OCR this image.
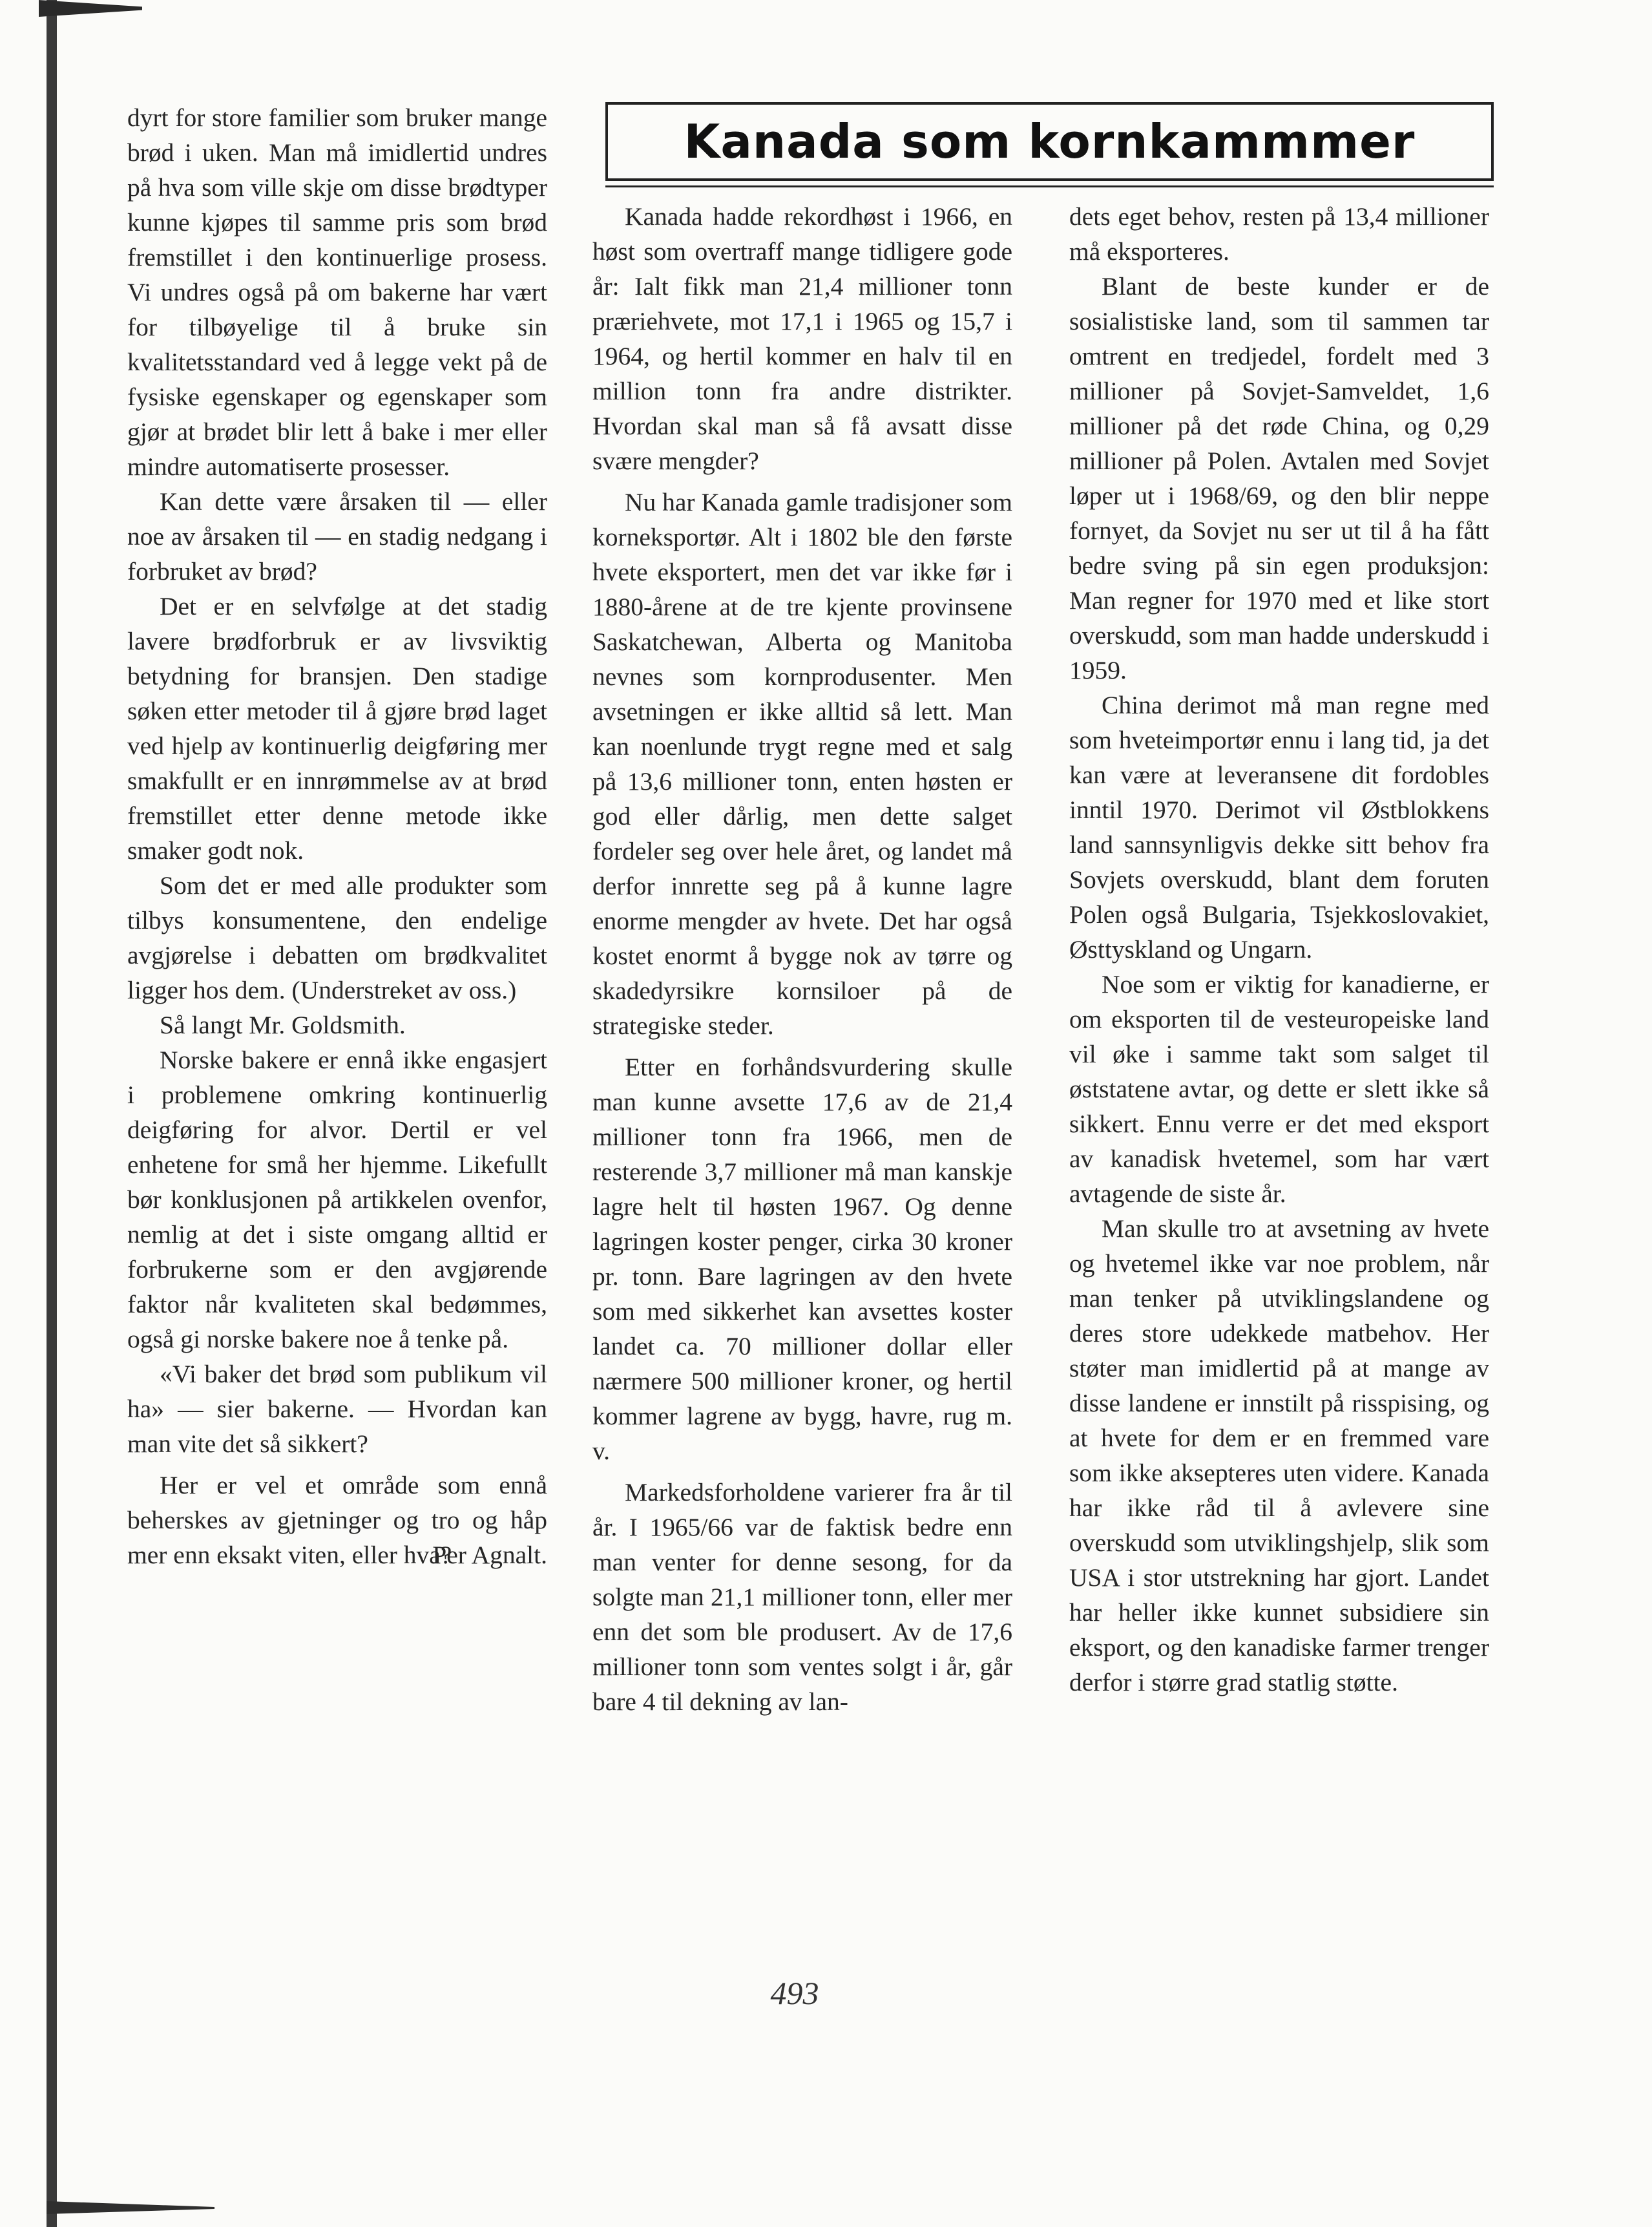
dyrt for store familier som bruker mange brød i uken. Man må imidlertid undres på hva som ville skje om disse brødtyper kunne kjøpes til samme pris som brød fremstillet i den kontinuerlige prosess. Vi undres også på om bakerne har vært for tilbøyelige til å bruke sin kvalitetsstandard ved å legge vekt på de fysiske egenskaper og egenskaper som gjør at brødet blir lett å bake i mer eller mindre automatiserte prosesser.

Kan dette være årsaken til — eller noe av årsaken til — en stadig nedgang i forbruket av brød?

Det er en selvfølge at det stadig lavere brødforbruk er av livsviktig betydning for bransjen. Den stadige søken etter metoder til å gjøre brød laget ved hjelp av kontinuerlig deigføring mer smakfullt er en innrømmelse av at brød fremstillet etter denne metode ikke smaker godt nok.

Som det er med alle produkter som tilbys konsumentene, den endelige avgjørelse i debatten om brødkvalitet ligger hos dem. (Understreket av oss.)

Så langt Mr. Goldsmith.

Norske bakere er ennå ikke engasjert i problemene omkring kontinuerlig deigføring for alvor. Dertil er vel enhetene for små her hjemme. Likefullt bør konklusjonen på artikkelen ovenfor, nemlig at det i siste omgang alltid er forbrukerne som er den avgjørende faktor når kvaliteten skal bedømmes, også gi norske bakere noe å tenke på.

«Vi baker det brød som publikum vil ha» — sier bakerne. — Hvordan kan man vite det så sikkert?

Her er vel et område som ennå beherskes av gjetninger og tro og håp mer enn eksakt viten, eller hva?

Per Agnalt.

Kanada som kornkammmer

Kanada hadde rekordhøst i 1966, en høst som overtraff mange tidligere gode år: Ialt fikk man 21,4 millioner tonn præriehvete, mot 17,1 i 1965 og 15,7 i 1964, og hertil kommer en halv til en million tonn fra andre distrikter. Hvordan skal man så få avsatt disse svære mengder?

Nu har Kanada gamle tradisjoner som korneksportør. Alt i 1802 ble den første hvete eksportert, men det var ikke før i 1880-årene at de tre kjente provinsene Saskatchewan, Alberta og Manitoba nevnes som kornprodusenter. Men avsetningen er ikke alltid så lett. Man kan noenlunde trygt regne med et salg på 13,6 millioner tonn, enten høsten er god eller dårlig, men dette salget fordeler seg over hele året, og landet må derfor innrette seg på å kunne lagre enorme mengder av hvete. Det har også kostet enormt å bygge nok av tørre og skadedyrsikre kornsiloer på de strategiske steder.

Etter en forhåndsvurdering skulle man kunne avsette 17,6 av de 21,4 millioner tonn fra 1966, men de resterende 3,7 millioner må man kanskje lagre helt til høsten 1967. Og denne lagringen koster penger, cirka 30 kroner pr. tonn. Bare lagringen av den hvete som med sikkerhet kan avsettes koster landet ca. 70 millioner dollar eller nærmere 500 millioner kroner, og hertil kommer lagrene av bygg, havre, rug m. v.

Markedsforholdene varierer fra år til år. I 1965/66 var de faktisk bedre enn man venter for denne sesong, for da solgte man 21,1 millioner tonn, eller mer enn det som ble produsert. Av de 17,6 millioner tonn som ventes solgt i år, går bare 4 til dekning av lan-

dets eget behov, resten på 13,4 millioner må eksporteres.

Blant de beste kunder er de sosialistiske land, som til sammen tar omtrent en tredjedel, fordelt med 3 millioner på Sovjet-Samveldet, 1,6 millioner på det røde China, og 0,29 millioner på Polen. Avtalen med Sovjet løper ut i 1968/69, og den blir neppe fornyet, da Sovjet nu ser ut til å ha fått bedre sving på sin egen produksjon: Man regner for 1970 med et like stort overskudd, som man hadde underskudd i 1959.

China derimot må man regne med som hveteimportør ennu i lang tid, ja det kan være at leveransene dit fordobles inntil 1970. Derimot vil Østblokkens land sannsynligvis dekke sitt behov fra Sovjets overskudd, blant dem foruten Polen også Bulgaria, Tsjekkoslovakiet, Østtyskland og Ungarn.

Noe som er viktig for kanadierne, er om eksporten til de vesteuropeiske land vil øke i samme takt som salget til øststatene avtar, og dette er slett ikke så sikkert. Ennu verre er det med eksport av kanadisk hvetemel, som har vært avtagende de siste år.

Man skulle tro at avsetning av hvete og hvetemel ikke var noe problem, når man tenker på utviklingslandene og deres store udekkede matbehov. Her støter man imidlertid på at mange av disse landene er innstilt på risspising, og at hvete for dem er en fremmed vare som ikke aksepteres uten videre. Kanada har ikke råd til å avlevere sine overskudd som utviklingshjelp, slik som USA i stor utstrekning har gjort. Landet har heller ikke kunnet subsidiere sin eksport, og den kanadiske farmer trenger derfor i større grad statlig støtte.

493
